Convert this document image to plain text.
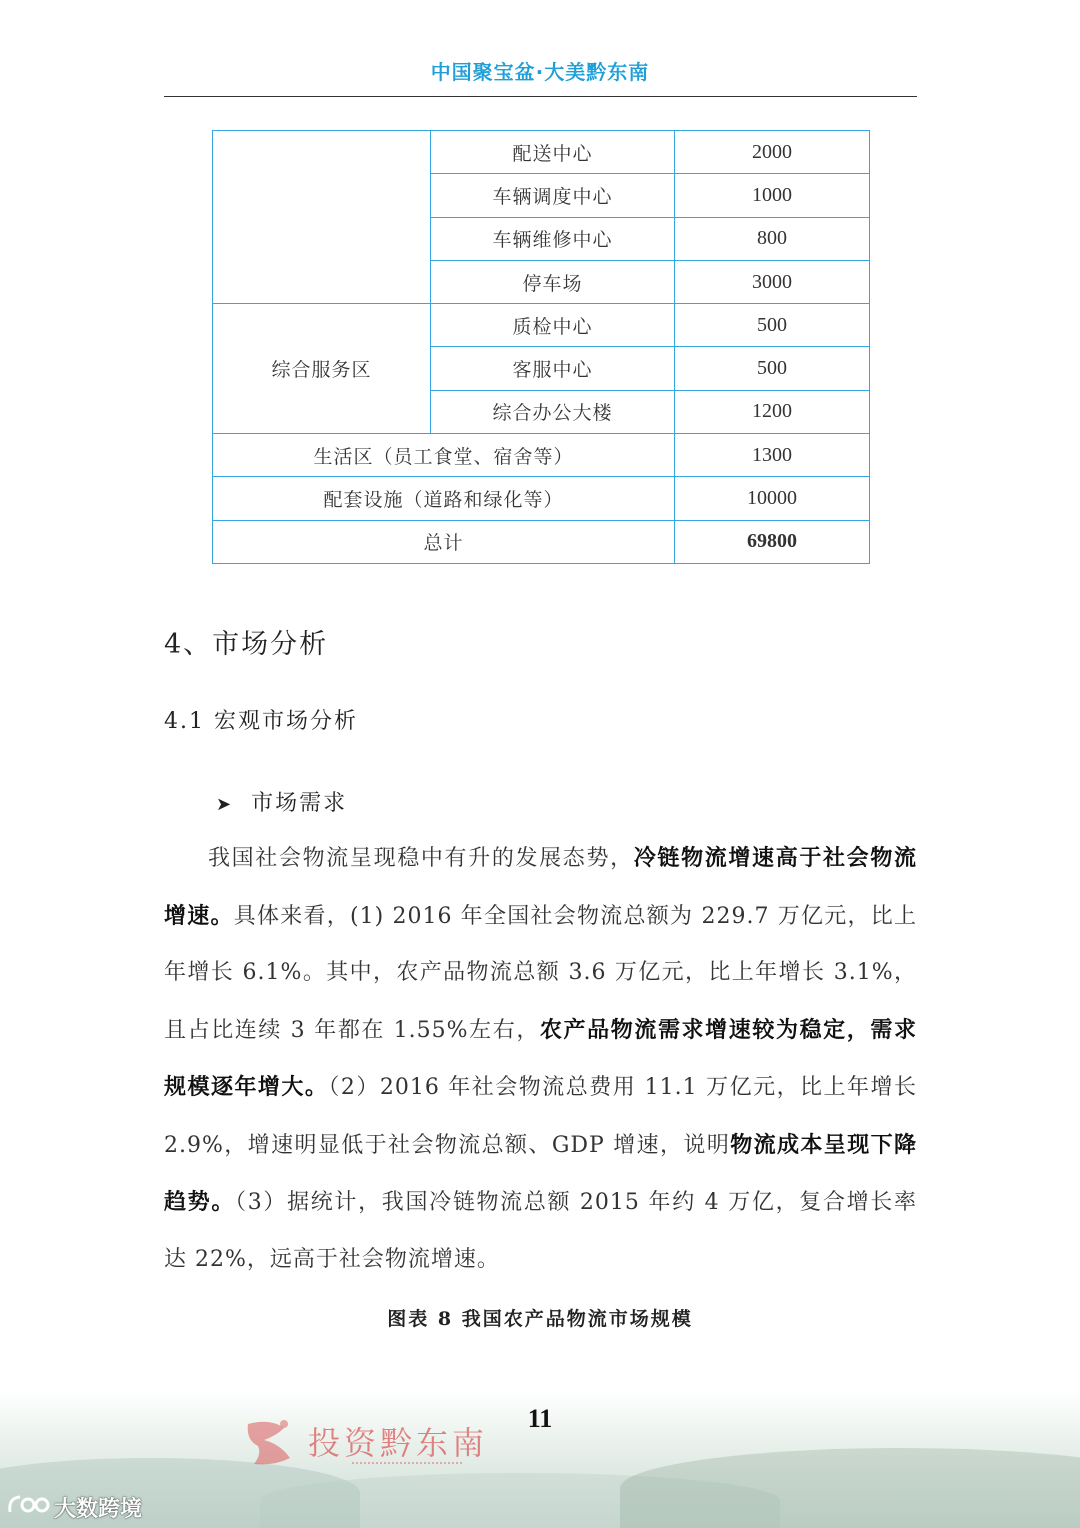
中国聚宝盆·大美黔东南
	配送中心	2000
	车辆调度中心	1000
	车辆维修中心	800
	停车场	3000
综合服务区	质检中心	500
	客服中心	500
	综合办公大楼	1200
生活区（员工食堂、宿舍等）		1300
配套设施（道路和绿化等）		10000
总计		69800
4、市场分析
4.1 宏观市场分析
➤ 市场需求

我国社会物流呈现稳中有升的发展态势，冷链物流增速高于社会物流增速。具体来看，(1) 2016 年全国社会物流总额为 229.7 万亿元，比上年增长 6.1%。其中，农产品物流总额 3.6 万亿元，比上年增长 3.1%，且占比连续 3 年都在 1.55%左右，农产品物流需求增速较为稳定，需求规模逐年增大。（2）2016 年社会物流总费用 11.1 万亿元，比上年增长 2.9%，增速明显低于社会物流总额、GDP 增速，说明物流成本呈现下降趋势。（3）据统计，我国冷链物流总额 2015 年约 4 万亿，复合增长率达 22%，远高于社会物流增速。

图表 8 我国农产品物流市场规模
11
投资黔东南
大数跨境
